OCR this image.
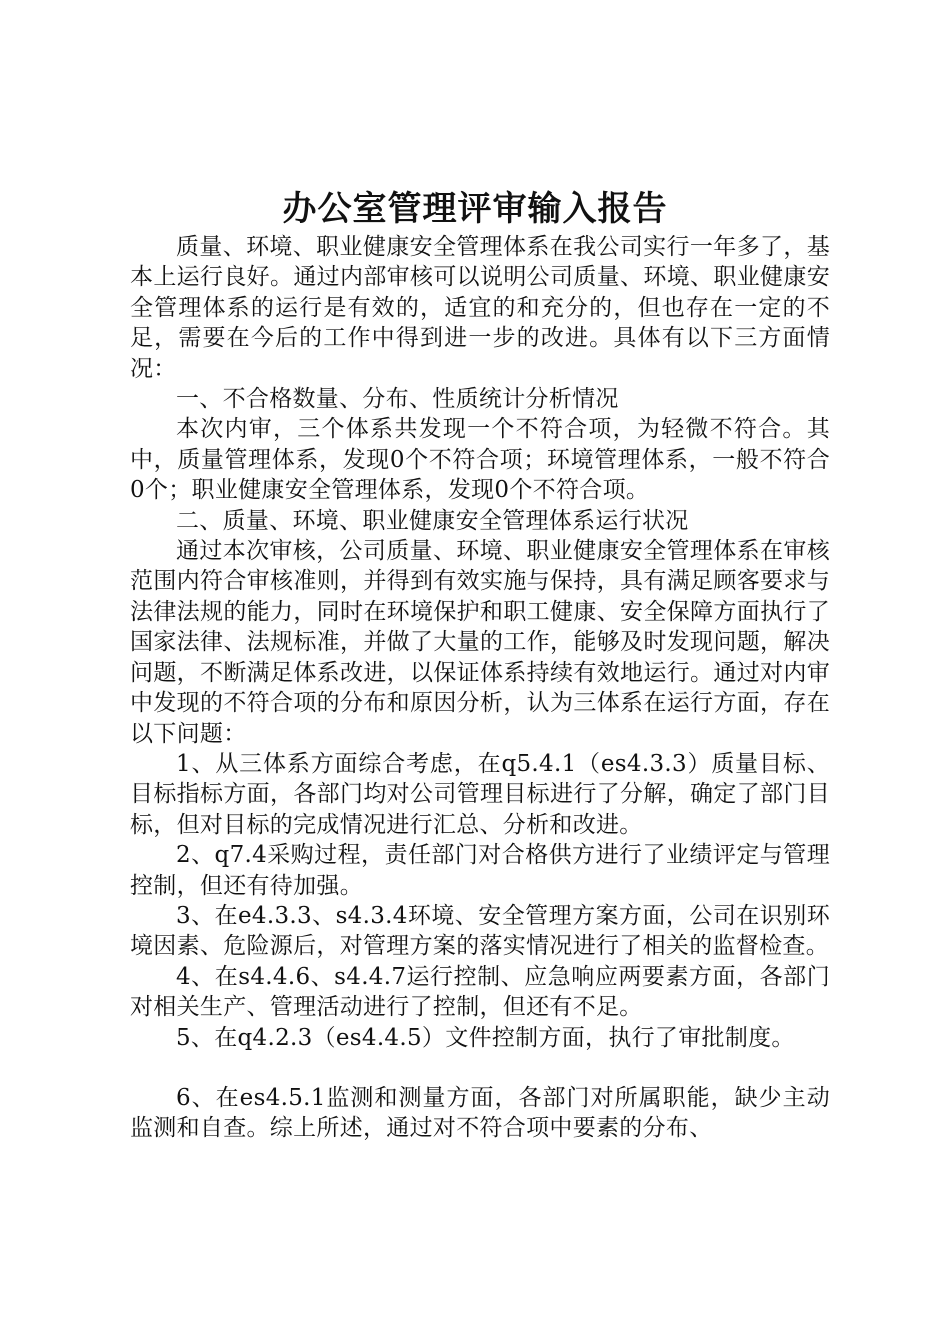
办公室管理评审输入报告

质量、环境、职业健康安全管理体系在我公司实行一年多了，基本上运行良好。通过内部审核可以说明公司质量、环境、职业健康安全管理体系的运行是有效的，适宜的和充分的，但也存在一定的不足，需要在今后的工作中得到进一步的改进。具体有以下三方面情况：

一、不合格数量、分布、性质统计分析情况

本次内审，三个体系共发现一个不符合项，为轻微不符合。其中，质量管理体系，发现0个不符合项；环境管理体系，一般不符合0个；职业健康安全管理体系，发现0个不符合项。

二、质量、环境、职业健康安全管理体系运行状况

通过本次审核，公司质量、环境、职业健康安全管理体系在审核范围内符合审核准则，并得到有效实施与保持，具有满足顾客要求与法律法规的能力，同时在环境保护和职工健康、安全保障方面执行了国家法律、法规标准，并做了大量的工作，能够及时发现问题，解决问题，不断满足体系改进，以保证体系持续有效地运行。通过对内审中发现的不符合项的分布和原因分析，认为三体系在运行方面，存在以下问题：

1、从三体系方面综合考虑，在q5.4.1（es4.3.3）质量目标、目标指标方面，各部门均对公司管理目标进行了分解，确定了部门目标，但对目标的完成情况进行汇总、分析和改进。

2、q7.4采购过程，责任部门对合格供方进行了业绩评定与管理控制，但还有待加强。

3、在e4.3.3、s4.3.4环境、安全管理方案方面，公司在识别环境因素、危险源后，对管理方案的落实情况进行了相关的监督检查。

4、在s4.4.6、s4.4.7运行控制、应急响应两要素方面，各部门对相关生产、管理活动进行了控制，但还有不足。

5、在q4.2.3（es4.4.5）文件控制方面，执行了审批制度。

6、在es4.5.1监测和测量方面，各部门对所属职能，缺少主动监测和自查。综上所述，通过对不符合项中要素的分布、
